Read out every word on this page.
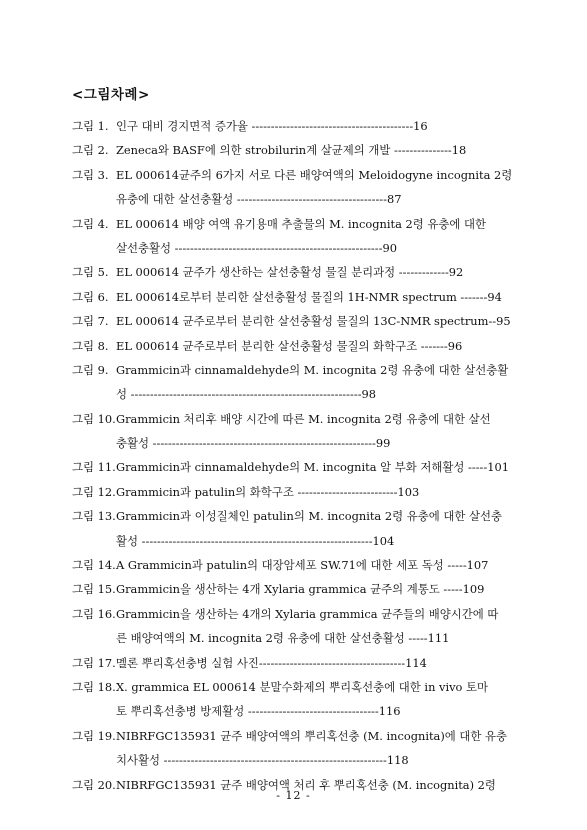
<그림차례>
그림 1. 인구 대비 경지면적 증가율 ------------------------------------------16
그림 2. Zeneca와 BASF에 의한 strobilurin계 살균제의 개발 ---------------18
그림 3. EL 000614균주의 6가지 서로 다른 배양여액의 Meloidogyne incognita 2령
유충에 대한 살선충활성 ---------------------------------------87
그림 4. EL 000614 배양 여액 유기용매 추출물의 M. incognita 2령 유충에 대한
살선충활성 ------------------------------------------------------90
그림 5. EL 000614 균주가 생산하는 살선충활성 물질 분리과정 -------------92
그림 6. EL 000614로부터 분리한 살선충활성 물질의 1H-NMR spectrum -------94
그림 7. EL 000614 균주로부터 분리한 살선충활성 물질의 13C-NMR spectrum--95
그림 8. EL 000614 균주로부터 분리한 살선충활성 물질의 화학구조 -------96
그림 9. Grammicin과 cinnamaldehyde의 M. incognita 2령 유충에 대한 살선충활
성 ------------------------------------------------------------98
그림 10.Grammicin 처리후 배양 시간에 따른 M. incognita 2령 유충에 대한 살선
충활성 ----------------------------------------------------------99
그림 11.Grammicin과 cinnamaldehyde의 M. incognita 알 부화 저해활성 -----101
그림 12.Grammicin과 patulin의 화학구조 --------------------------103
그림 13.Grammicin과 이성질체인 patulin의 M. incognita 2령 유충에 대한 살선충
활성 ------------------------------------------------------------104
그림 14.A Grammicin과 patulin의 대장암세포 SW.71에 대한 세포 독성 -----107
그림 15.Grammicin을 생산하는 4개 Xylaria grammica 균주의 계통도 -----109
그림 16.Grammicin을 생산하는 4개의 Xylaria grammica 균주들의 배양시간에 따
른 배양여액의 M. incognita 2령 유충에 대한 살선충활성 -----111
그림 17.멜론 뿌리혹선충병 실험 사진--------------------------------------114
그림 18.X. grammica EL 000614 분말수화제의 뿌리혹선충에 대한 in vivo 토마
토 뿌리혹선충병 방제활성 ----------------------------------116
그림 19.NIBRFGC135931 균주 배양여액의 뿌리혹선충 (M. incognita)에 대한 유충
치사활성 ----------------------------------------------------------118
그림 20.NIBRFGC135931 균주 배양여액 처리 후 뿌리혹선충 (M. incognita) 2령
- 12 -
